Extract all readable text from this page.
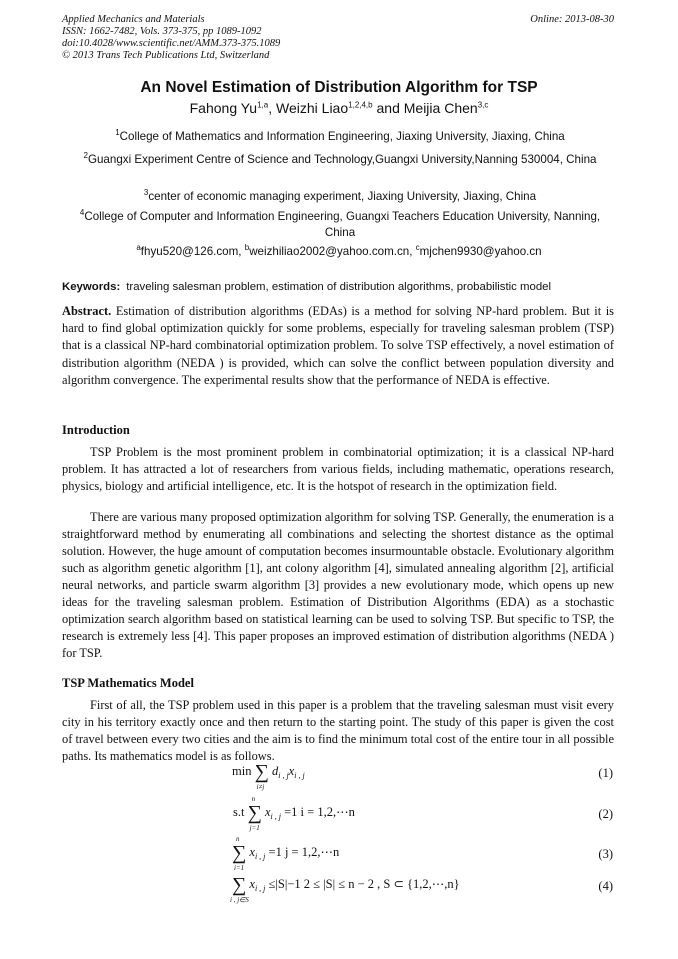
Applied Mechanics and Materials
ISSN: 1662-7482, Vols. 373-375, pp 1089-1092
doi:10.4028/www.scientific.net/AMM.373-375.1089
© 2013 Trans Tech Publications Ltd, Switzerland
Online: 2013-08-30
An Novel Estimation of Distribution Algorithm for TSP
Fahong Yu$^{1,a}$, Weizhi Liao$^{1,2,4,b}$ and Meijia Chen$^{3,c}$
$^1$College of Mathematics and Information Engineering, Jiaxing University, Jiaxing, China
$^2$Guangxi Experiment Centre of Science and Technology,Guangxi University,Nanning 530004, China
$^3$center of economic managing experiment, Jiaxing University, Jiaxing, China
$^4$College of Computer and Information Engineering, Guangxi Teachers Education University, Nanning, China
$^a$fhyu520@126.com, $^b$weizhiliao2002@yahoo.com.cn, $^c$mjchen9930@yahoo.cn
Keywords: traveling salesman problem, estimation of distribution algorithms, probabilistic model
Abstract. Estimation of distribution algorithms (EDAs) is a method for solving NP-hard problem. But it is hard to find global optimization quickly for some problems, especially for traveling salesman problem (TSP) that is a classical NP-hard combinatorial optimization problem. To solve TSP effectively, a novel estimation of distribution algorithm (NEDA ) is provided, which can solve the conflict between population diversity and algorithm convergence. The experimental results show that the performance of NEDA is effective.
Introduction

TSP Problem is the most prominent problem in combinatorial optimization; it is a classical NP-hard problem. It has attracted a lot of researchers from various fields, including mathematic, operations research, physics, biology and artificial intelligence, etc. It is the hotspot of research in the optimization field.

There are various many proposed optimization algorithm for solving TSP. Generally, the enumeration is a straightforward method by enumerating all combinations and selecting the shortest distance as the optimal solution. However, the huge amount of computation becomes insurmountable obstacle. Evolutionary algorithm such as algorithm genetic algorithm [1], ant colony algorithm [4], simulated annealing algorithm [2], artificial neural networks, and particle swarm algorithm [3] provides a new evolutionary mode, which opens up new ideas for the traveling salesman problem. Estimation of Distribution Algorithms (EDA) as a stochastic optimization search algorithm based on statistical learning can be used to solving TSP. But specific to TSP, the research is extremely less [4]. This paper proposes an improved estimation of distribution algorithms (NEDA ) for TSP.

TSP Mathematics Model

First of all, the TSP problem used in this paper is a problem that the traveling salesman must visit every city in his territory exactly once and then return to the starting point. The study of this paper is given the cost of travel between every two cities and the aim is to find the minimum total cost of the entire tour in all possible paths. Its mathematics model is as follows.

min ∑
i≠j
$d_{i , j}x_{i , j}$	(1)
s.t
n
∑
j=1
$x_{i , j} =1$ i = 1,2,⋯n	(2)
n
∑
i=1
$x_{i , j} =1$ j = 1,2,⋯n	(3)
∑
i , j∈S
$x_{i , j} \le|S|-1$ 2 ≤ |S| ≤ n − 2 , S ⊂ {1,2,⋯,n}	(4)
